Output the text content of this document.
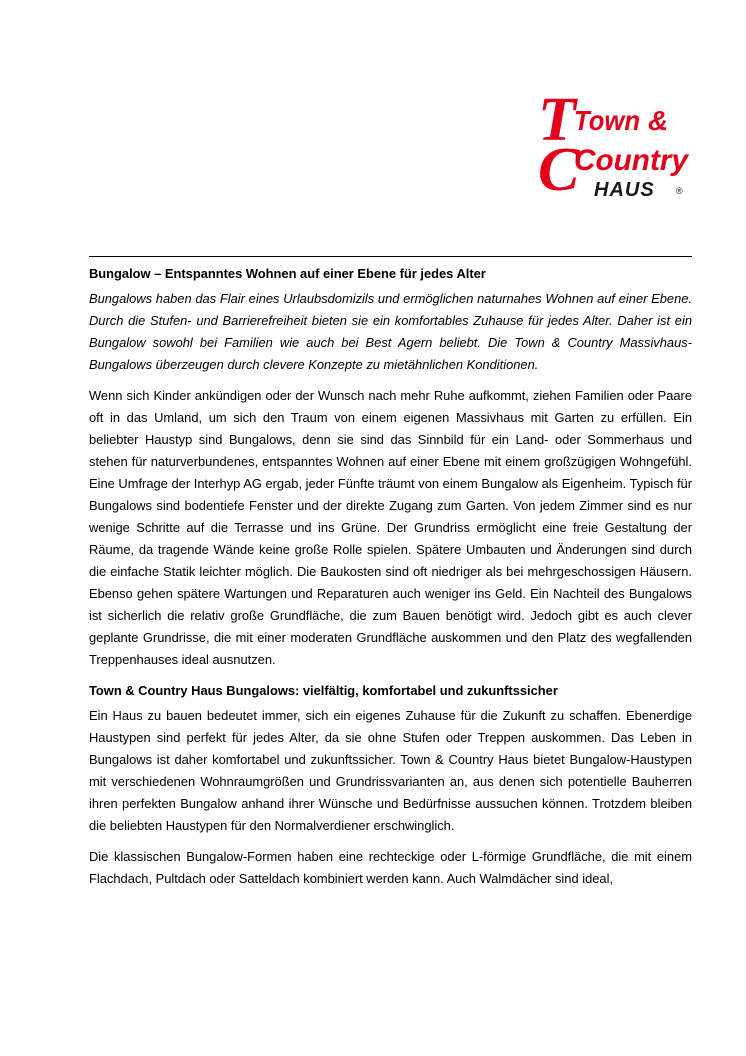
T
C
Town &
Country
HAUS ®

Bungalow – Entspanntes Wohnen auf einer Ebene für jedes Alter

Bungalows haben das Flair eines Urlaubsdomizils und ermöglichen naturnahes Wohnen auf einer Ebene. Durch die Stufen- und Barrierefreiheit bieten sie ein komfortables Zuhause für jedes Alter. Daher ist ein Bungalow sowohl bei Familien wie auch bei Best Agern beliebt. Die Town & Country Massivhaus-Bungalows überzeugen durch clevere Konzepte zu mietähnlichen Konditionen.

Wenn sich Kinder ankündigen oder der Wunsch nach mehr Ruhe aufkommt, ziehen Familien oder Paare oft in das Umland, um sich den Traum von einem eigenen Massivhaus mit Garten zu erfüllen. Ein beliebter Haustyp sind Bungalows, denn sie sind das Sinnbild für ein Land- oder Sommerhaus und stehen für naturverbundenes, entspanntes Wohnen auf einer Ebene mit einem großzügigen Wohngefühl. Eine Umfrage der Interhyp AG ergab, jeder Fünfte träumt von einem Bungalow als Eigenheim. Typisch für Bungalows sind bodentiefe Fenster und der direkte Zugang zum Garten. Von jedem Zimmer sind es nur wenige Schritte auf die Terrasse und ins Grüne. Der Grundriss ermöglicht eine freie Gestaltung der Räume, da tragende Wände keine große Rolle spielen. Spätere Umbauten und Änderungen sind durch die einfache Statik leichter möglich. Die Baukosten sind oft niedriger als bei mehrgeschossigen Häusern. Ebenso gehen spätere Wartungen und Reparaturen auch weniger ins Geld. Ein Nachteil des Bungalows ist sicherlich die relativ große Grundfläche, die zum Bauen benötigt wird. Jedoch gibt es auch clever geplante Grundrisse, die mit einer moderaten Grundfläche auskommen und den Platz des wegfallenden Treppenhauses ideal ausnutzen.

Town & Country Haus Bungalows: vielfältig, komfortabel und zukunftssicher

Ein Haus zu bauen bedeutet immer, sich ein eigenes Zuhause für die Zukunft zu schaffen. Ebenerdige Haustypen sind perfekt für jedes Alter, da sie ohne Stufen oder Treppen auskommen. Das Leben in Bungalows ist daher komfortabel und zukunftssicher. Town & Country Haus bietet Bungalow-Haustypen mit verschiedenen Wohnraumgrößen und Grundrissvarianten an, aus denen sich potentielle Bauherren ihren perfekten Bungalow anhand ihrer Wünsche und Bedürfnisse aussuchen können. Trotzdem bleiben die beliebten Haustypen für den Normalverdiener erschwinglich.

Die klassischen Bungalow-Formen haben eine rechteckige oder L-förmige Grundfläche, die mit einem Flachdach, Pultdach oder Satteldach kombiniert werden kann. Auch Walmdächer sind ideal,
